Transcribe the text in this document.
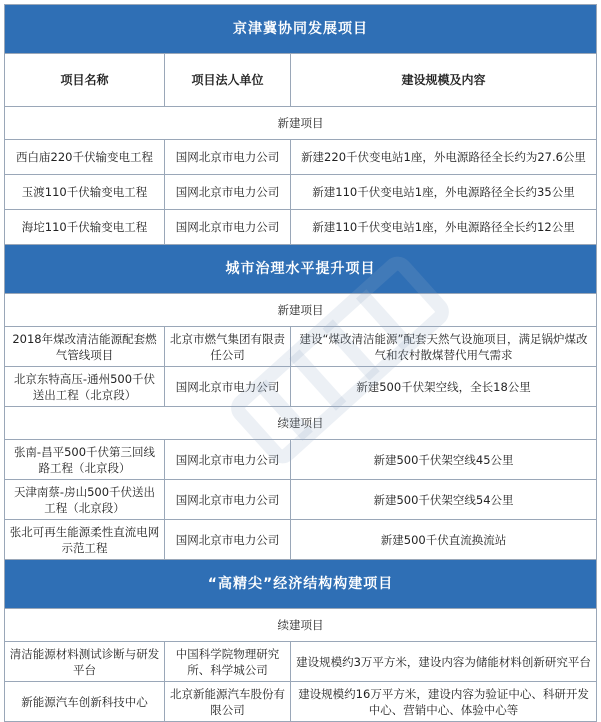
京津冀协同发展项目		
项目名称	项目法人单位	建设规模及内容
新建项目		
西白庙220千伏输变电工程	国网北京市电力公司	新建220千伏变电站1座，外电源路径全长约为27.6公里
玉渡110千伏输变电工程	国网北京市电力公司	新建110千伏变电站1座，外电源路径全长约35公里
海坨110千伏输变电工程	国网北京市电力公司	新建110千伏变电站1座，外电源路径全长约12公里
城市治理水平提升项目		
新建项目		
2018年煤改清洁能源配套燃气管线项目	北京市燃气集团有限责任公司	建设“煤改清洁能源”配套天然气设施项目，满足锅炉煤改气和农村散煤替代用气需求
北京东特高压-通州500千伏送出工程（北京段）	国网北京市电力公司	新建500千伏架空线，全长18公里
续建项目		
张南-昌平500千伏第三回线路工程（北京段）	国网北京市电力公司	新建500千伏架空线45公里
天津南蔡-房山500千伏送出工程（北京段）	国网北京市电力公司	新建500千伏架空线54公里
张北可再生能源柔性直流电网示范工程	国网北京市电力公司	新建500千伏直流换流站
“高精尖”经济结构构建项目		
续建项目		
清洁能源材料测试诊断与研发平台	中国科学院物理研究所、科学城公司	建设规模约3万平方米，建设内容为储能材料创新研究平台
新能源汽车创新科技中心	北京新能源汽车股份有限公司	建设规模约16万平方米，建设内容为验证中心、科研开发中心、营销中心、体验中心等
